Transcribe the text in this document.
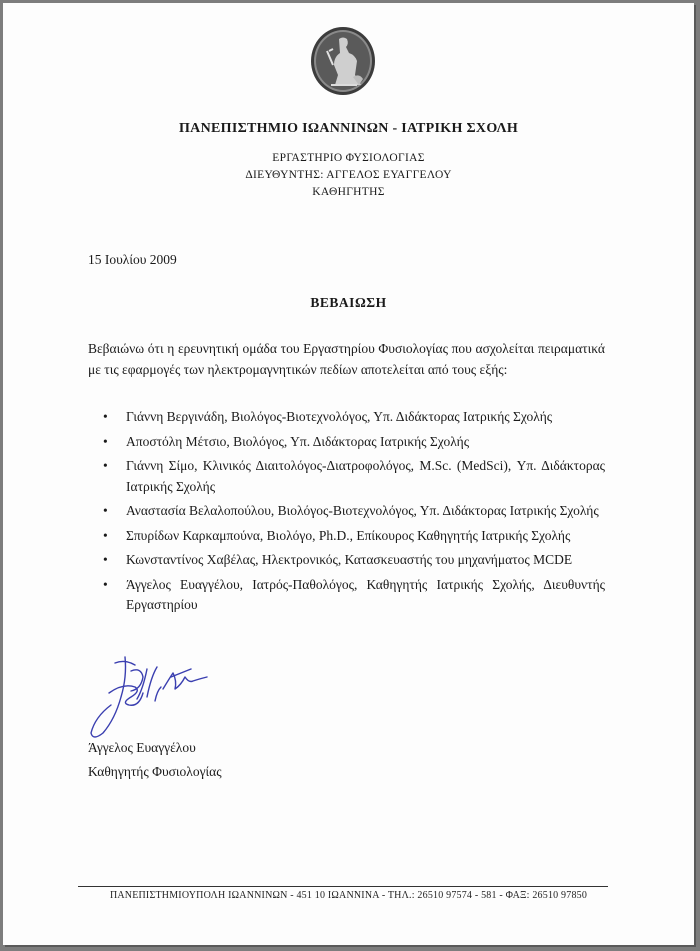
ΠΑΝΕΠΙΣΤΗΜΙΟ ΙΩΑΝΝΙΝΩΝ - ΙΑΤΡΙΚΗ ΣΧΟΛΗ
ΕΡΓΑΣΤΗΡΙΟ ΦΥΣΙΟΛΟΓΙΑΣ
ΔΙΕΥΘΥΝΤΗΣ: ΑΓΓΕΛΟΣ ΕΥΑΓΓΕΛΟΥ
ΚΑΘΗΓΗΤΗΣ
15 Ιουλίου 2009
ΒΕΒΑΙΩΣΗ
Βεβαιώνω ότι η ερευνητική ομάδα του Εργαστηρίου Φυσιολογίας που ασχολείται πειραματικά με τις εφαρμογές των ηλεκτρομαγνητικών πεδίων αποτελείται από τους εξής:
• Γιάννη Βεργινάδη, Βιολόγος-Βιοτεχνολόγος, Υπ. Διδάκτορας Ιατρικής Σχολής
• Αποστόλη Μέτσιο, Βιολόγος, Υπ. Διδάκτορας Ιατρικής Σχολής
• Γιάννη Σίμο, Κλινικός Διαιτολόγος-Διατροφολόγος, M.Sc. (MedSci), Υπ. Διδάκτορας Ιατρικής Σχολής
• Αναστασία Βελαλοπούλου, Βιολόγος-Βιοτεχνολόγος, Υπ. Διδάκτορας Ιατρικής Σχολής
• Σπυρίδων Καρκαμπούνα, Βιολόγο, Ph.D., Επίκουρος Καθηγητής Ιατρικής Σχολής
• Κωνσταντίνος Χαβέλας, Ηλεκτρονικός, Κατασκευαστής του μηχανήματος MCDE
• Άγγελος Ευαγγέλου, Ιατρός-Παθολόγος, Καθηγητής Ιατρικής Σχολής, Διευθυντής Εργαστηρίου
Άγγελος Ευαγγέλου
Καθηγητής Φυσιολογίας
ΠΑΝΕΠΙΣΤΗΜΙΟΥΠΟΛΗ ΙΩΑΝΝΙΝΩΝ - 451 10 ΙΩΑΝΝΙΝΑ - ΤΗΛ.: 26510 97574 - 581 - ΦΑΞ: 26510 97850
